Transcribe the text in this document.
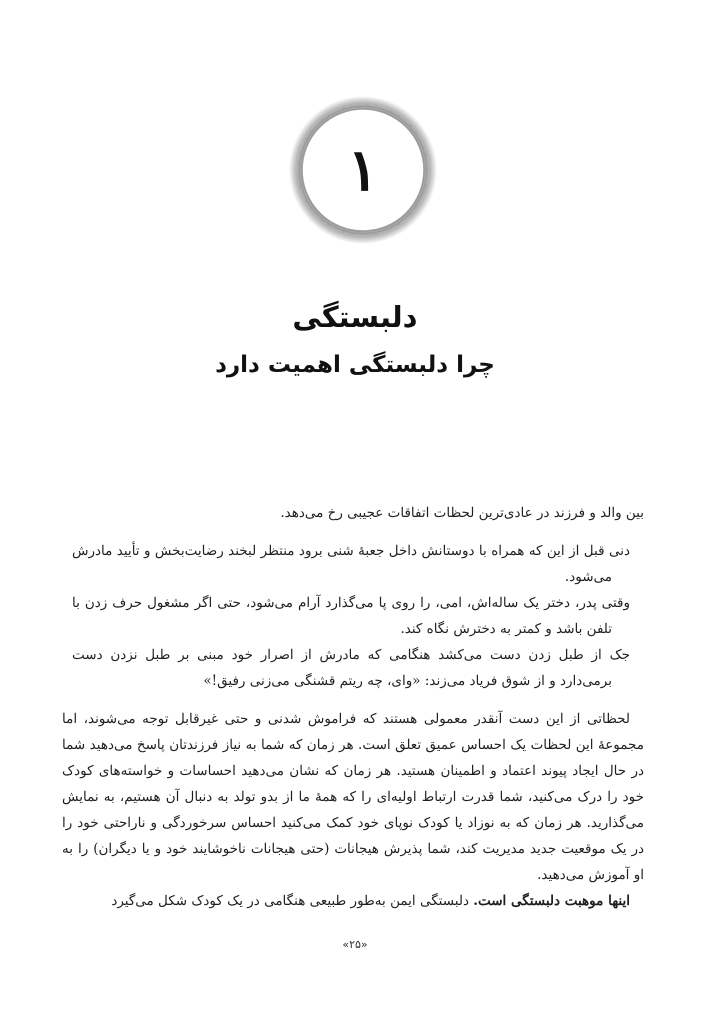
۱
دلبستگی
چرا دلبستگی اهمیت دارد

بین والد و فرزند در عادی‌ترین لحظات اتفاقات عجیبی رخ می‌دهد.

دنی قبل از این که همراه با دوستانش داخل جعبهٔ شنی برود منتظر لبخند رضایت‌بخش و تأیید مادرش می‌شود.

وقتی پدر، دختر یک ساله‌اش، امی، را روی پا می‌گذارد آرام می‌شود، حتی اگر مشغول حرف زدن با تلفن باشد و کمتر به دخترش نگاه کند.

جک از طبل زدن دست می‌کشد هنگامی که مادرش از اصرار خود مبنی بر طبل نزدن دست برمی‌دارد و از شوق فریاد می‌زند: «وای، چه ریتم قشنگی می‌زنی رفیق!»

لحظاتی از این دست آنقدر معمولی هستند که فراموش شدنی و حتی غیرقابل توجه می‌شوند، اما مجموعهٔ این لحظات یک احساس عمیق تعلق است. هر زمان که شما به نیاز فرزندتان پاسخ می‌دهید شما در حال ایجاد پیوند اعتماد و اطمینان هستید. هر زمان که نشان می‌دهید احساسات و خواسته‌های کودک خود را درک می‌کنید، شما قدرت ارتباط اولیه‌ای را که همهٔ ما از بدو تولد به دنبال آن هستیم، به نمایش می‌گذارید. هر زمان که به نوزاد یا کودک نوپای خود کمک می‌کنید احساس سرخوردگی و ناراحتی خود را در یک موقعیت جدید مدیریت کند، شما پذیرش هیجانات (حتی هیجانات ناخوشایند خود و یا دیگران) را به او آموزش می‌دهید.

اینها موهبت دلبستگی است. دلبستگی ایمن به‌طور طبیعی هنگامی در یک کودک شکل می‌گیرد

«۲۵»
